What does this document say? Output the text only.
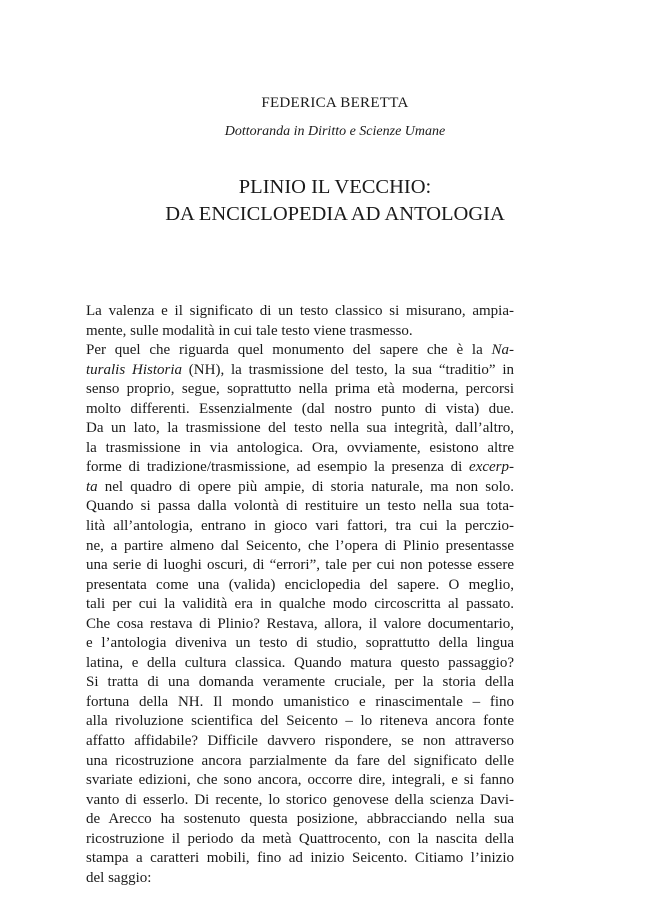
FEDERICA BERETTA
Dottoranda in Diritto e Scienze Umane
PLINIO IL VECCHIO:
DA ENCICLOPEDIA AD ANTOLOGIA
La valenza e il significato di un testo classico si misurano, ampia-
mente, sulle modalità in cui tale testo viene trasmesso.
Per quel che riguarda quel monumento del sapere che è la Na-
turalis Historia (NH), la trasmissione del testo, la sua “traditio” in
senso proprio, segue, soprattutto nella prima età moderna, percorsi
molto differenti. Essenzialmente (dal nostro punto di vista) due.
Da un lato, la trasmissione del testo nella sua integrità, dall’altro,
la trasmissione in via antologica. Ora, ovviamente, esistono altre
forme di tradizione/trasmissione, ad esempio la presenza di excerp-
ta nel quadro di opere più ampie, di storia naturale, ma non solo.
Quando si passa dalla volontà di restituire un testo nella sua tota-
lità all’antologia, entrano in gioco vari fattori, tra cui la perczio-
ne, a partire almeno dal Seicento, che l’opera di Plinio presentasse
una serie di luoghi oscuri, di “errori”, tale per cui non potesse essere
presentata come una (valida) enciclopedia del sapere. O meglio,
tali per cui la validità era in qualche modo circoscritta al passato.
Che cosa restava di Plinio? Restava, allora, il valore documentario,
e l’antologia diveniva un testo di studio, soprattutto della lingua
latina, e della cultura classica. Quando matura questo passaggio?
Si tratta di una domanda veramente cruciale, per la storia della
fortuna della NH. Il mondo umanistico e rinascimentale – fino
alla rivoluzione scientifica del Seicento – lo riteneva ancora fonte
affatto affidabile? Difficile davvero rispondere, se non attraverso
una ricostruzione ancora parzialmente da fare del significato delle
svariate edizioni, che sono ancora, occorre dire, integrali, e si fanno
vanto di esserlo. Di recente, lo storico genovese della scienza Davi-
de Arecco ha sostenuto questa posizione, abbracciando nella sua
ricostruzione il periodo da metà Quattrocento, con la nascita della
stampa a caratteri mobili, fino ad inizio Seicento. Citiamo l’inizio
del saggio:
